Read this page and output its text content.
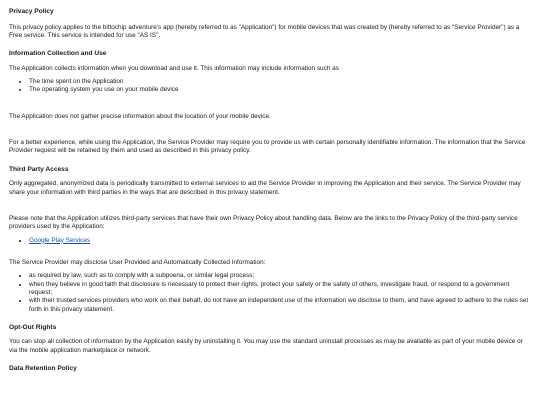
Privacy Policy

This privacy policy applies to the bittochip adventure's app (hereby referred to as "Application") for mobile devices that was created by (hereby referred to as "Service Provider") as a Free service. This service is intended for use "AS IS".

Information Collection and Use

The Application collects information when you download and use it. This information may include information such as

• The time spent on the Application
• The operating system you use on your mobile device

The Application does not gather precise information about the location of your mobile device.

For a better experience, while using the Application, the Service Provider may require you to provide us with certain personally identifiable information. The information that the Service Provider request will be retained by them and used as described in this privacy policy.

Third Party Access

Only aggregated, anonymized data is periodically transmitted to external services to aid the Service Provider in improving the Application and their service. The Service Provider may share your information with third parties in the ways that are described in this privacy statement.

Please note that the Application utilizes third-party services that have their own Privacy Policy about handling data. Below are the links to the Privacy Policy of the third-party service providers used by the Application:

• Google Play Services

The Service Provider may disclose User Provided and Automatically Collected Information:

• as required by law, such as to comply with a subpoena, or similar legal process;
• when they believe in good faith that disclosure is necessary to protect their rights, protect your safety or the safety of others, investigate fraud, or respond to a government request;
• with their trusted services providers who work on their behalf, do not have an independent use of the information we disclose to them, and have agreed to adhere to the rules set forth in this privacy statement.
Opt-Out Rights

You can stop all collection of information by the Application easily by uninstalling it. You may use the standard uninstall processes as may be available as part of your mobile device or via the mobile application marketplace or network.

Data Retention Policy
